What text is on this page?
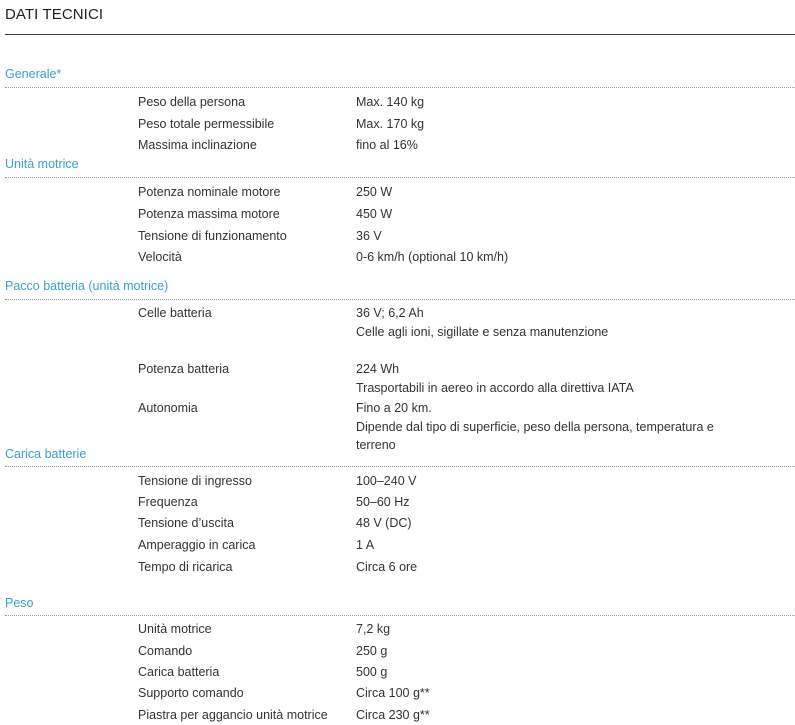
DATI TECNICI
Generale*
Peso della persona	Max. 140 kg
Peso totale permessibile	Max. 170 kg
Massima inclinazione	fino al 16%
Unità motrice
Potenza nominale motore	250 W
Potenza massima motore	450 W
Tensione di funzionamento	36 V
Velocità	0-6 km/h (optional 10 km/h)
Pacco batteria (unità motrice)
Celle batteria	36 V; 6,2 Ah
Celle agli ioni, sigillate e senza manutenzione
Potenza batteria	224 Wh
Trasportabili in aereo in accordo alla direttiva IATA
Autonomia	Fino a 20 km.
Dipende dal tipo di superficie, peso della persona, temperatura e
terreno
Carica batterie
Tensione di ingresso	100–240 V
Frequenza	50–60 Hz
Tensione d’uscita	48 V (DC)
Amperaggio in carica	1 A
Tempo di ricarica	Circa 6 ore
Peso
Unità motrice	7,2 kg
Comando	250 g
Carica batteria	500 g
Supporto comando	Circa 100 g**
Piastra per aggancio unità motrice	Circa 230 g**
